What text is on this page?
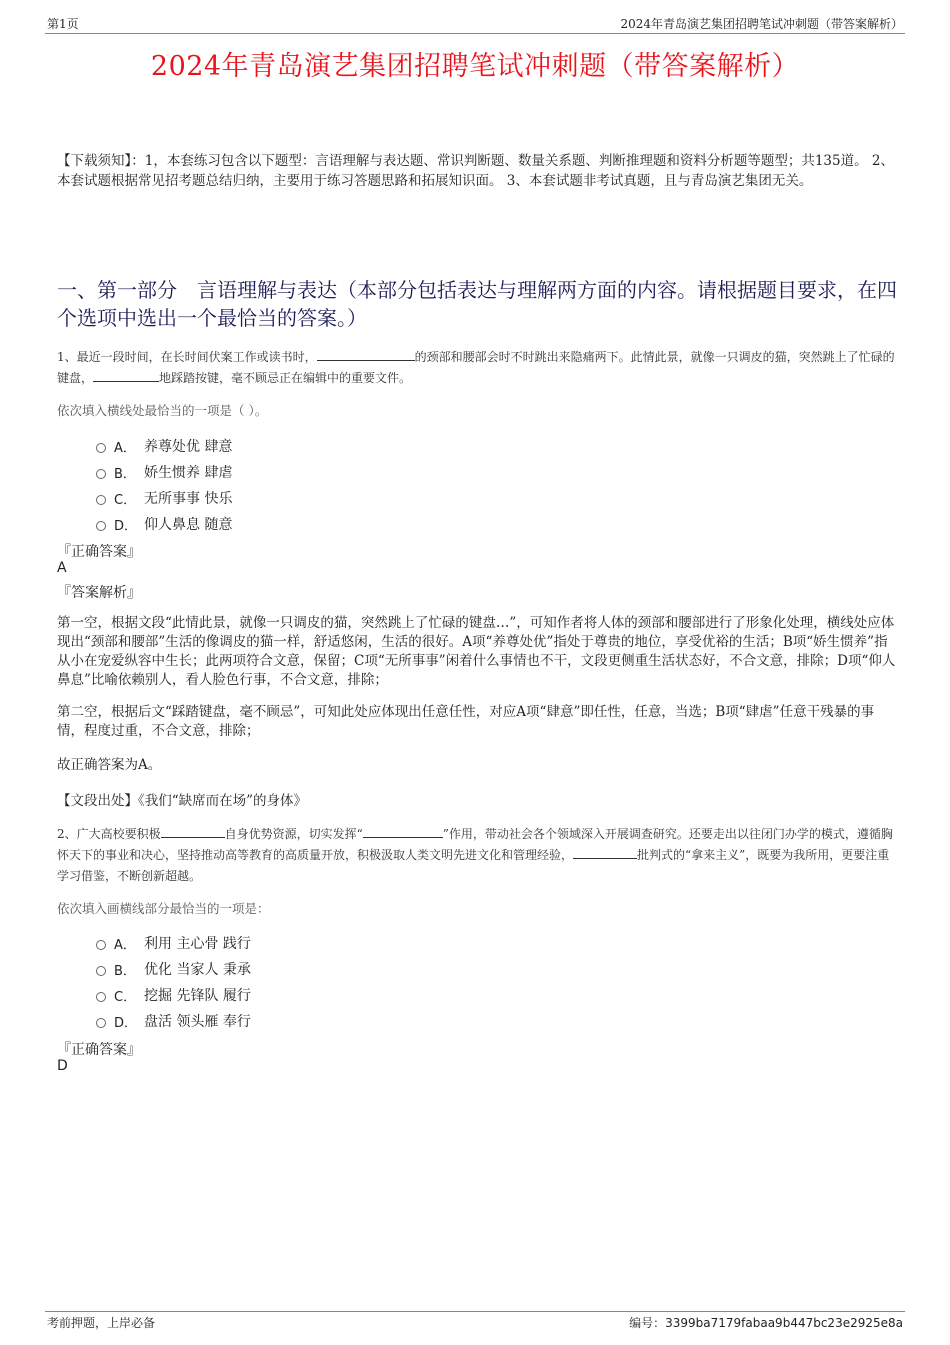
第1页	2024年青岛演艺集团招聘笔试冲刺题（带答案解析）
2024年青岛演艺集团招聘笔试冲刺题（带答案解析）
【下载须知】：1，本套练习包含以下题型：言语理解与表达题、常识判断题、数量关系题、判断推理题和资料分析题等题型；共135道。 2、本套试题根据常见招考题总结归纳，主要用于练习答题思路和拓展知识面。 3、本套试题非考试真题，且与青岛演艺集团无关。
一、第一部分　言语理解与表达（本部分包括表达与理解两方面的内容。请根据题目要求，在四个选项中选出一个最恰当的答案。）
1、最近一段时间，在长时间伏案工作或读书时，	的颈部和腰部会时不时跳出来隐痛两下。此情此景，就像一只调皮的猫，突然跳上了忙碌的键盘，	地踩踏按键，毫不顾忌正在编辑中的重要文件。
依次填入横线处最恰当的一项是（ ）。
A． 养尊处优 肆意
B． 娇生惯养 肆虐
C． 无所事事 快乐
D． 仰人鼻息 随意
『正确答案』
A
『答案解析』
第一空，根据文段“此情此景，就像一只调皮的猫，突然跳上了忙碌的键盘…”，可知作者将人体的颈部和腰部进行了形象化处理，横线处应体现出“颈部和腰部”生活的像调皮的猫一样，舒适悠闲，生活的很好。A项“养尊处优”指处于尊贵的地位，享受优裕的生活；B项“娇生惯养”指从小在宠爱纵容中生长；此两项符合文意，保留；C项“无所事事”闲着什么事情也不干，文段更侧重生活状态好，不合文意，排除；D项“仰人鼻息”比喻依赖别人，看人脸色行事，不合文意，排除；
第二空，根据后文“踩踏键盘，毫不顾忌”，可知此处应体现出任意任性，对应A项“肆意”即任性，任意，当选；B项“肆虐”任意干残暴的事情，程度过重，不合文意，排除；
故正确答案为A。
【文段出处】《我们“缺席而在场”的身体》
2、广大高校要积极	自身优势资源，切实发挥“	”作用，带动社会各个领域深入开展调查研究。还要走出以往闭门办学的模式，遵循胸怀天下的事业和决心，坚持推动高等教育的高质量开放，积极汲取人类文明先进文化和管理经验，	批判式的“拿来主义”，既要为我所用，更要注重学习借鉴，不断创新超越。
依次填入画横线部分最恰当的一项是：
A． 利用 主心骨 践行
B． 优化 当家人 秉承
C． 挖掘 先锋队 履行
D． 盘活 领头雁 奉行
『正确答案』
D
考前押题，上岸必备	编号：3399ba7179fabaa9b447bc23e2925e8a
